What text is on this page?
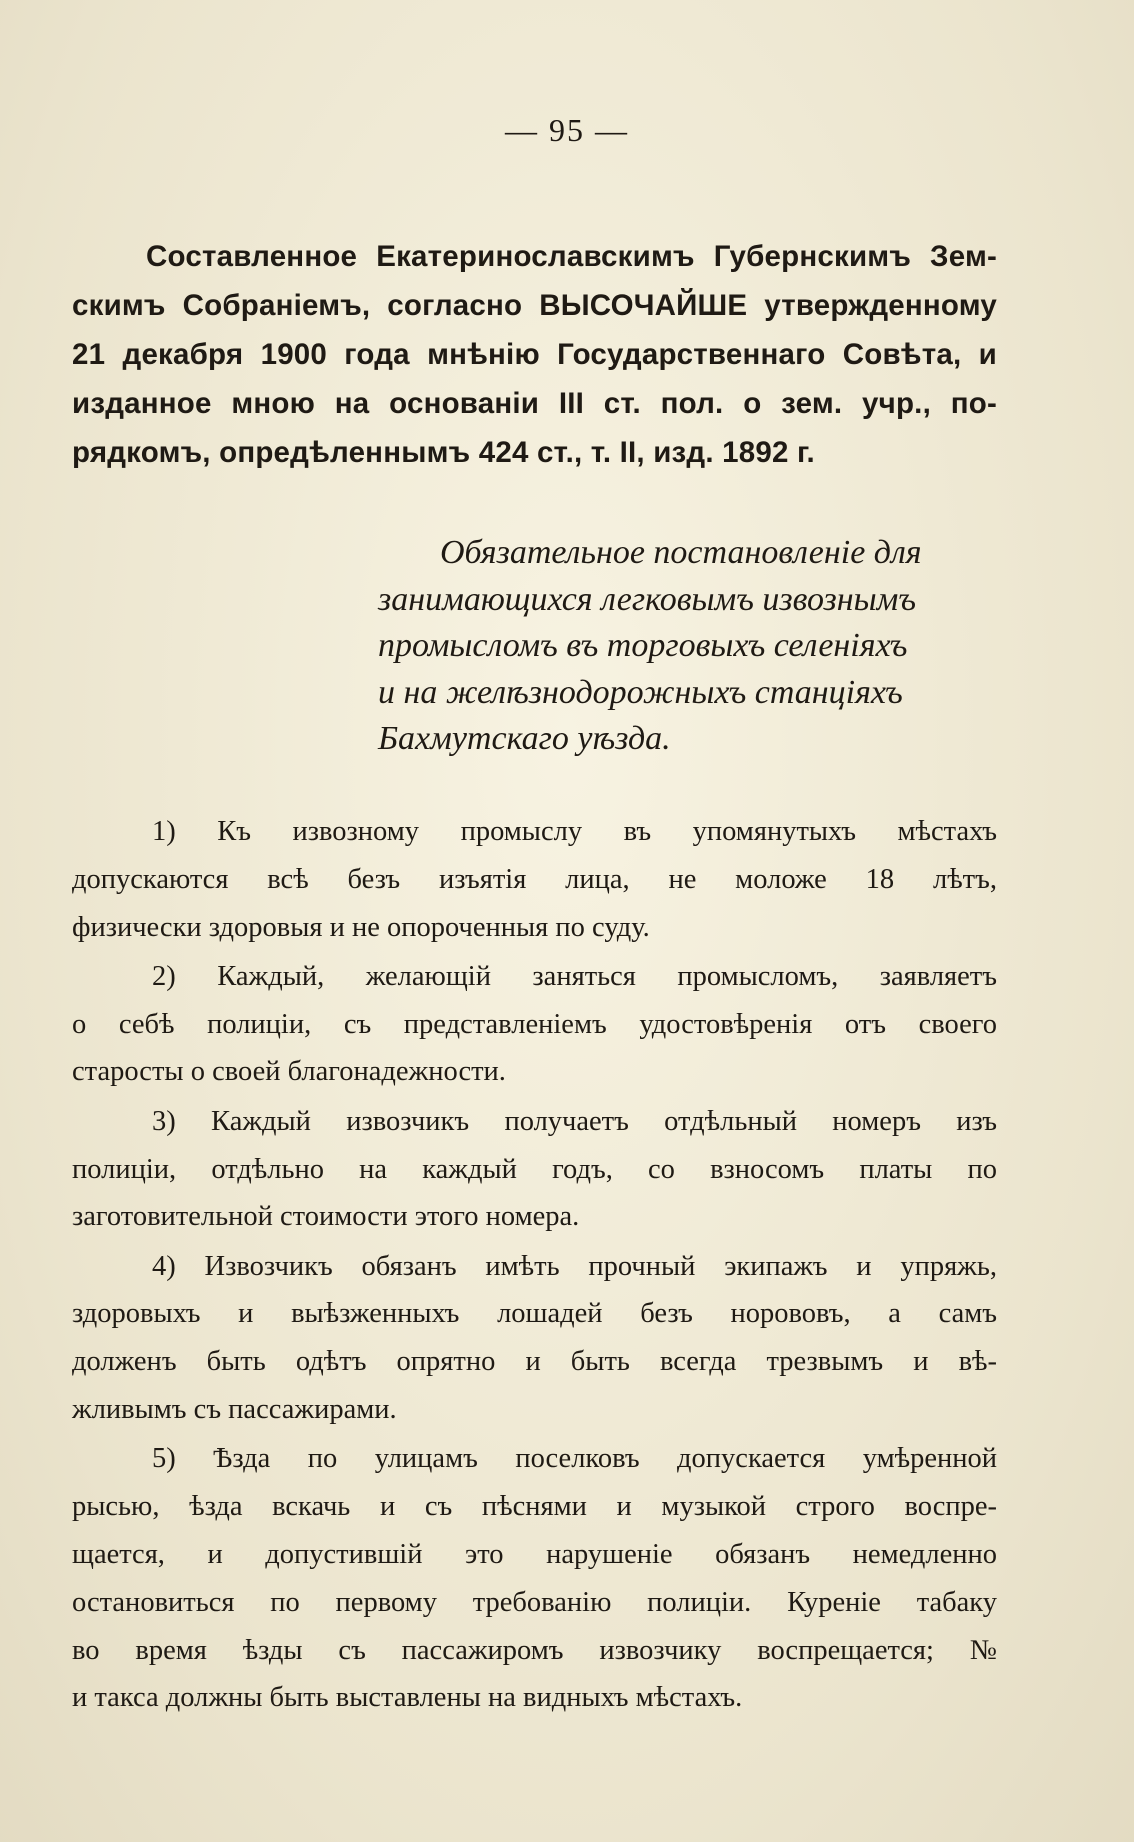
— 95 —
Составленное Екатеринославскимъ Губернскимъ Зем-
скимъ Собраніемъ, согласно ВЫСОЧАЙШЕ утвержденному
21 декабря 1900 года мнѣнію Государственнаго Совѣта, и
изданное мною на основаніи III ст. пол. о зем. учр., по-
рядкомъ, опредѣленнымъ 424 ст., т. II, изд. 1892 г.
Обязательное постановленіе для
занимающихся легковымъ извознымъ
промысломъ въ торговыхъ селеніяхъ
и на желѣзнодорожныхъ станціяхъ
Бахмутскаго уѣзда.
1) Къ извозному промыслу въ упомянутыхъ мѣстахъ
допускаются всѣ безъ изъятія лица, не моложе 18 лѣтъ,
физически здоровыя и не опороченныя по суду.
2) Каждый, желающій заняться промысломъ, заявляетъ
о себѣ полиціи, съ представленіемъ удостовѣренія отъ своего
старосты о своей благонадежности.
3) Каждый извозчикъ получаетъ отдѣльный номеръ изъ
полиціи, отдѣльно на каждый годъ, со взносомъ платы по
заготовительной стоимости этого номера.
4) Извозчикъ обязанъ имѣть прочный экипажъ и упряжь,
здоровыхъ и выѣзженныхъ лошадей безъ норововъ, а самъ
долженъ быть одѣтъ опрятно и быть всегда трезвымъ и вѣ-
жливымъ съ пассажирами.
5) Ѣзда по улицамъ поселковъ допускается умѣренной
рысью, ѣзда вскачь и съ пѣснями и музыкой строго воспре-
щается, и допустившій это нарушеніе обязанъ немедленно
остановиться по первому требованію полиціи. Куреніе табаку
во время ѣзды съ пассажиромъ извозчику воспрещается; №
и такса должны быть выставлены на видныхъ мѣстахъ.
